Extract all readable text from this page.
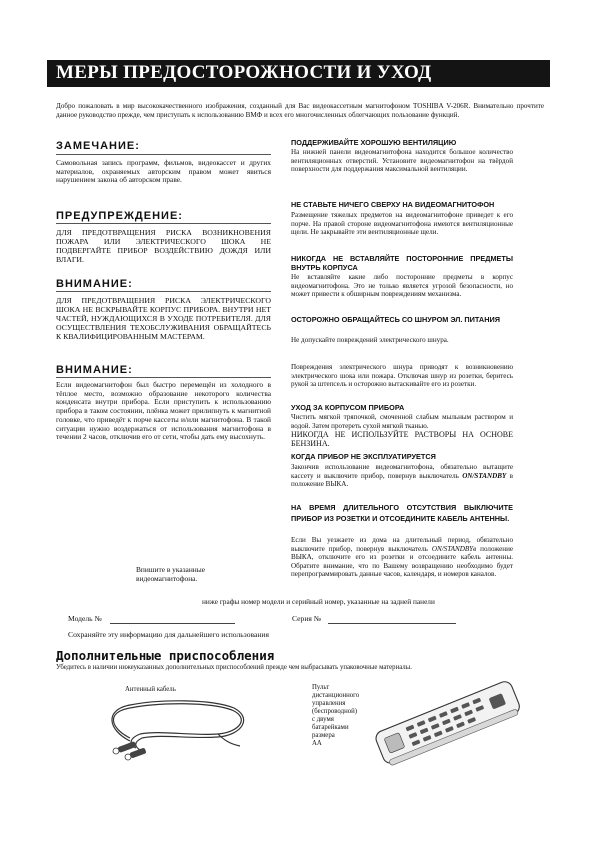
МЕРЫ ПРЕДОСТОРОЖНОСТИ И УХОД
Добро пожаловать в мир высококачественного изображения, созданный для Вас видеокассетным магнитофоном TOSHIBA V-206R. Внимательно прочтите данное руководство прежде, чем приступать к использованию ВМФ и всех его многочисленных облегчающих пользование функций.
ЗАМЕЧАНИЕ:
Самовольная запись программ, фильмов, видеокассет и других материалов, охраняемых авторским правом может явиться нарушением закона об авторском праве.
ПРЕДУПРЕЖДЕНИЕ:
ДЛЯ ПРЕДОТВРАЩЕНИЯ РИСКА ВОЗНИКНОВЕНИЯ ПОЖАРА ИЛИ ЭЛЕКТРИЧЕСКОГО ШОКА НЕ ПОДВЕРГАЙТЕ ПРИБОР ВОЗДЕЙСТВИЮ ДОЖДЯ ИЛИ ВЛАГИ.
ВНИМАНИЕ:
ДЛЯ ПРЕДОТВРАЩЕНИЯ РИСКА ЭЛЕКТРИЧЕСКОГО ШОКА НЕ ВСКРЫВАЙТЕ КОРПУС ПРИБОРА. ВНУТРИ НЕТ ЧАСТЕЙ, НУЖДАЮЩИХСЯ В УХОДЕ ПОТРЕБИТЕЛЯ. ДЛЯ ОСУЩЕСТВЛЕНИЯ ТЕХОБСЛУЖИВАНИЯ ОБРАЩАЙТЕСЬ К КВАЛИФИЦИРОВАННЫМ МАСТЕРАМ.
ВНИМАНИЕ:
Если видеомагнитофон был быстро перемещён из холодного в тёплое место, возможно образование некоторого количества конденсата внутри прибора. Если приступить к использованию прибора в таком состоянии, плёнка может прилипнуть к магнитной головке, что приведёт к порче кассеты и/или магнитофона. В такой ситуации нужно воздержаться от использования магнитофона в течении 2 часов, отключив его от сети, чтобы дать ему высохнуть.
Впишите в указанные видеомагнитофона.
ПОДДЕРЖИВАЙТЕ ХОРОШУЮ ВЕНТИЛЯЦИЮ
На нижней панели видеомагнитофона находится большое количество вентиляционных отверстий. Установите видеомагнитофон на твёрдой поверхности для поддержания максимальной вентиляции.
НЕ СТАВЬТЕ НИЧЕГО СВЕРХУ НА ВИДЕОМАГНИТОФОН
Размещение тяжелых предметов на видеомагнитофоне приведет к его порче. На правой стороне видеомагнитофона имеются вентиляционные щели. Не закрывайте эти вентиляционные щели.
НИКОГДА НЕ ВСТАВЛЯЙТЕ ПОСТОРОННИЕ ПРЕДМЕТЫ ВНУТРЬ КОРПУСА
Не вставляйте какие либо посторонние предметы в корпус видеомагнитофона. Это не только является угрозой безопасности, но может привести к обширным повреждениям механизма.
ОСТОРОЖНО ОБРАЩАЙТЕСЬ СО ШНУРОМ ЭЛ. ПИТАНИЯ
Не допускайте повреждений электрического шнура.
Повреждения электрического шнура приводят к возникновению электрического шока или пожара. Отключая шнур из розетки, беритесь рукой за штепсель и осторожно вытаскивайте его из розетки.
УХОД ЗА КОРПУСОМ ПРИБОРА
Чистить мягкой тряпочкой, смоченной слабым мыльным раствором и водой. Затем протереть сухой мягкой тканью.
НИКОГДА НЕ ИСПОЛЬЗУЙТЕ РАСТВОРЫ НА ОСНОВЕ БЕНЗИНА.
КОГДА ПРИБОР НЕ ЭКСПЛУАТИРУЕТСЯ
Закончив использование видеомагнитофона, обязательно вытащите кассету и выключите прибор, повернув выключатель ON/STANDBY в положение ВЫКА.
НА ВРЕМЯ ДЛИТЕЛЬНОГО ОТСУТСТВИЯ ВЫКЛЮЧИТЕ ПРИБОР ИЗ РОЗЕТКИ И ОТСОЕДИНИТЕ КАБЕЛЬ АНТЕННЫ.
Если Вы уезжаете из дома на длительный период, обязательно выключите прибор, повернув выключатель ON/STANDBYв положение ВЫКА, отключите его из розетки и отсоедините кабель антенны. Обратите внимание, что по Вашему возвращению необходимо будет перепрограммировать данные часов, календаря, и номеров каналов.
ниже графы номер модели и серийный номер, указанные на задней панели
Модель №	Серия №
Сохраняйте эту информацию для дальнейшего использования
Дополнительные приспособления
Убедитесь в наличии нижеуказанных дополнительных приспособлений прежде чем выбрасывать упаковочные материалы.
Антенный кабель	Пульт
дистанционного
управления
(беспроводной)
с двумя
батарейками
размера
AA
